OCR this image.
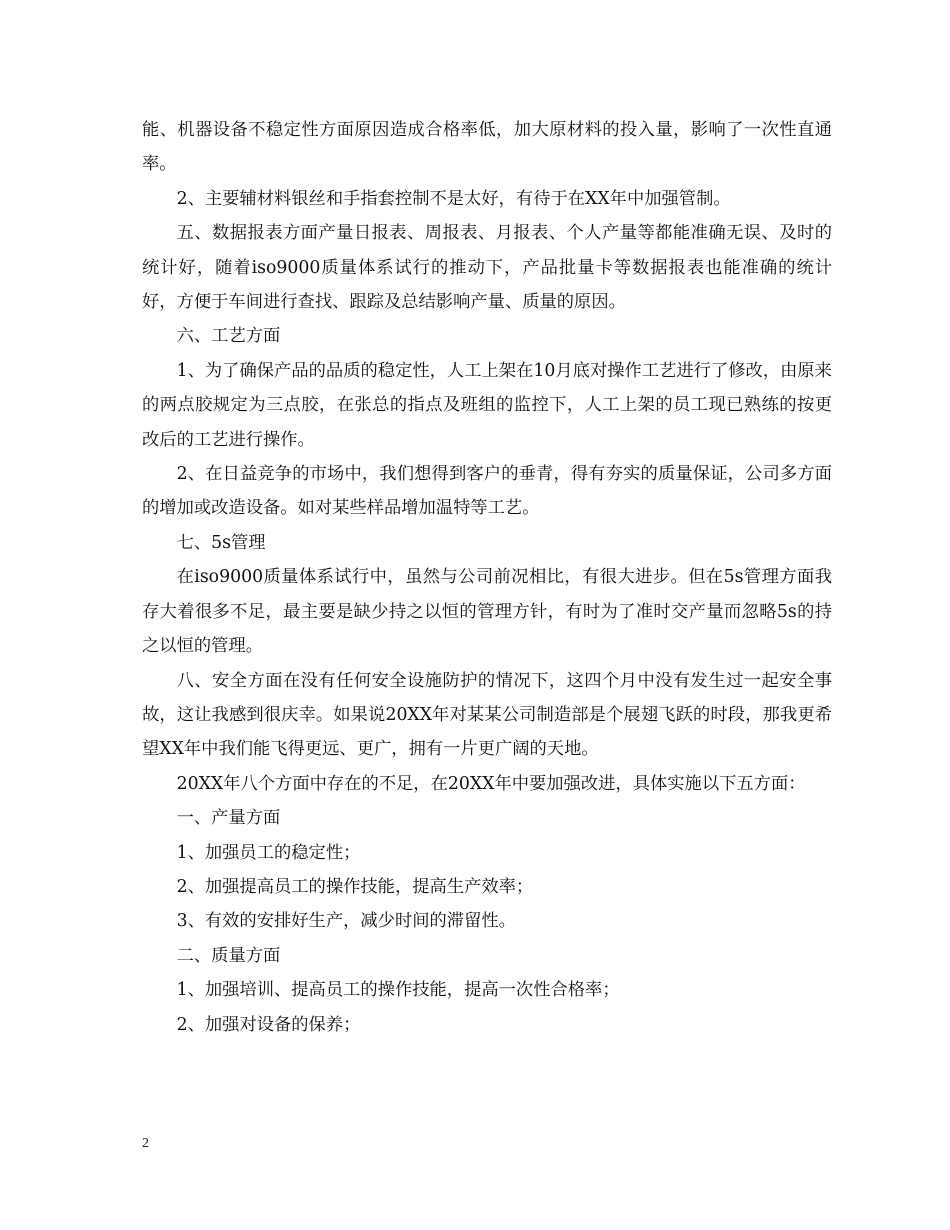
能、机器设备不稳定性方面原因造成合格率低，加大原材料的投入量，影响了一次性直通率。

2、主要辅材料银丝和手指套控制不是太好，有待于在XX年中加强管制。

五、数据报表方面产量日报表、周报表、月报表、个人产量等都能准确无误、及时的统计好，随着iso9000质量体系试行的推动下，产品批量卡等数据报表也能准确的统计好，方便于车间进行查找、跟踪及总结影响产量、质量的原因。

六、工艺方面

1、为了确保产品的品质的稳定性，人工上架在10月底对操作工艺进行了修改，由原来的两点胶规定为三点胶，在张总的指点及班组的监控下，人工上架的员工现已熟练的按更改后的工艺进行操作。

2、在日益竞争的市场中，我们想得到客户的垂青，得有夯实的质量保证，公司多方面的增加或改造设备。如对某些样品增加温特等工艺。

七、5s管理

在iso9000质量体系试行中，虽然与公司前况相比，有很大进步。但在5s管理方面我存大着很多不足，最主要是缺少持之以恒的管理方针，有时为了准时交产量而忽略5s的持之以恒的管理。

八、安全方面在没有任何安全设施防护的情况下，这四个月中没有发生过一起安全事故，这让我感到很庆幸。如果说20XX年对某某公司制造部是个展翅飞跃的时段，那我更希望XX年中我们能飞得更远、更广，拥有一片更广阔的天地。

20XX年八个方面中存在的不足，在20XX年中要加强改进，具体实施以下五方面：

一、产量方面

1、加强员工的稳定性；

2、加强提高员工的操作技能，提高生产效率；

3、有效的安排好生产，减少时间的滞留性。

二、质量方面

1、加强培训、提高员工的操作技能，提高一次性合格率；

2、加强对设备的保养；

2
